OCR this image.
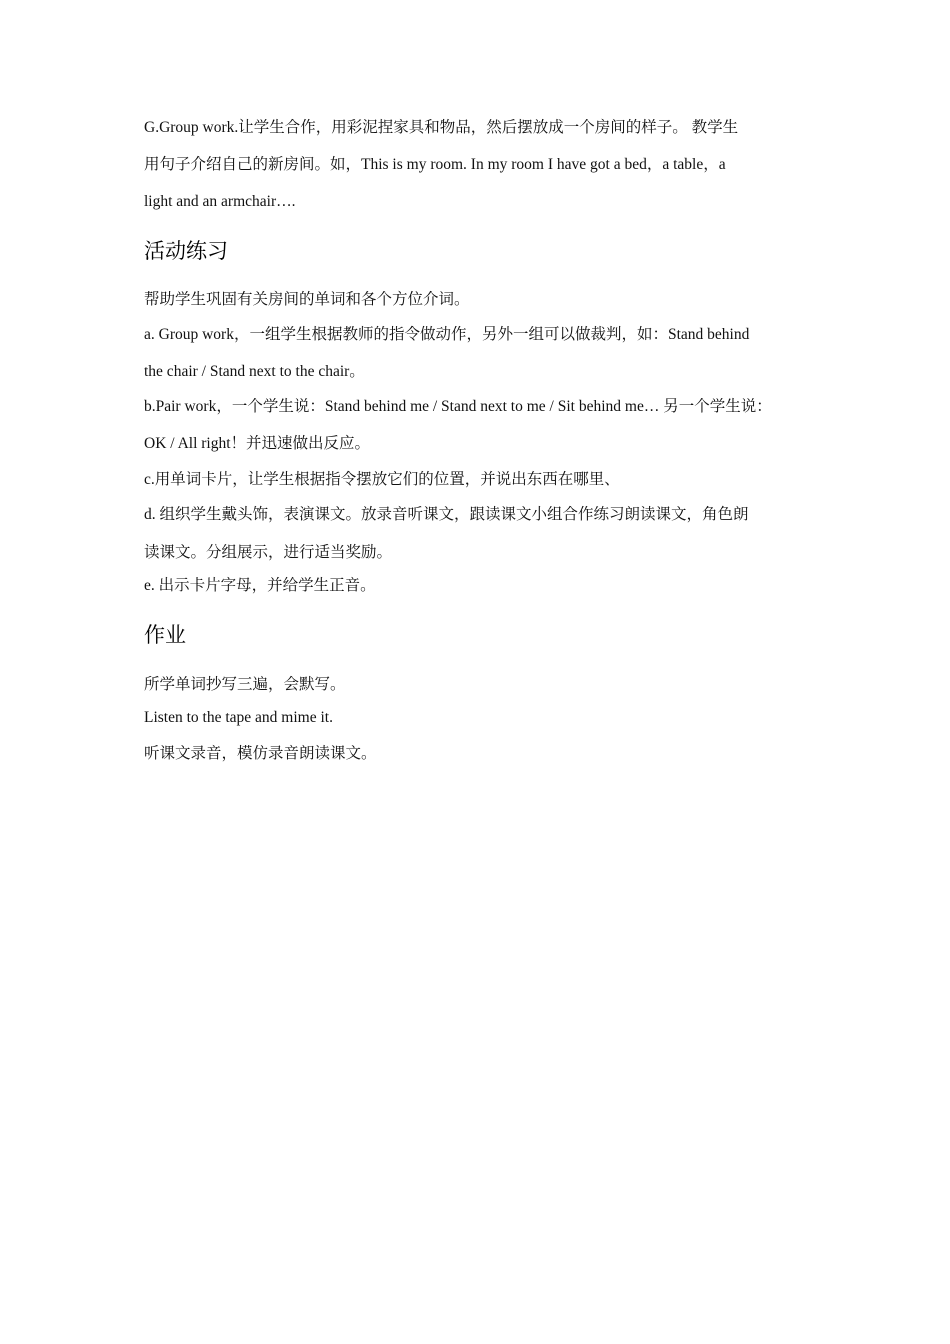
G.Group work.让学生合作，用彩泥捏家具和物品，然后摆放成一个房间的样子。 教学生
用句子介绍自己的新房间。如，This is my room. In my room I have got a bed，a table，a
light and an armchair….
活动练习
帮助学生巩固有关房间的单词和各个方位介词。
a. Group work，一组学生根据教师的指令做动作，另外一组可以做裁判，如：Stand behind
the chair / Stand next to the chair。
b.Pair work，一个学生说：Stand behind me / Stand next to me / Sit behind me… 另一个学生说：
OK / All right！并迅速做出反应。
c.用单词卡片，让学生根据指令摆放它们的位置，并说出东西在哪里、
d. 组织学生戴头饰，表演课文。放录音听课文，跟读课文小组合作练习朗读课文，角色朗
读课文。分组展示，进行适当奖励。
e. 出示卡片字母，并给学生正音。
作业
所学单词抄写三遍，会默写。
Listen to the tape and mime it.
听课文录音，模仿录音朗读课文。
